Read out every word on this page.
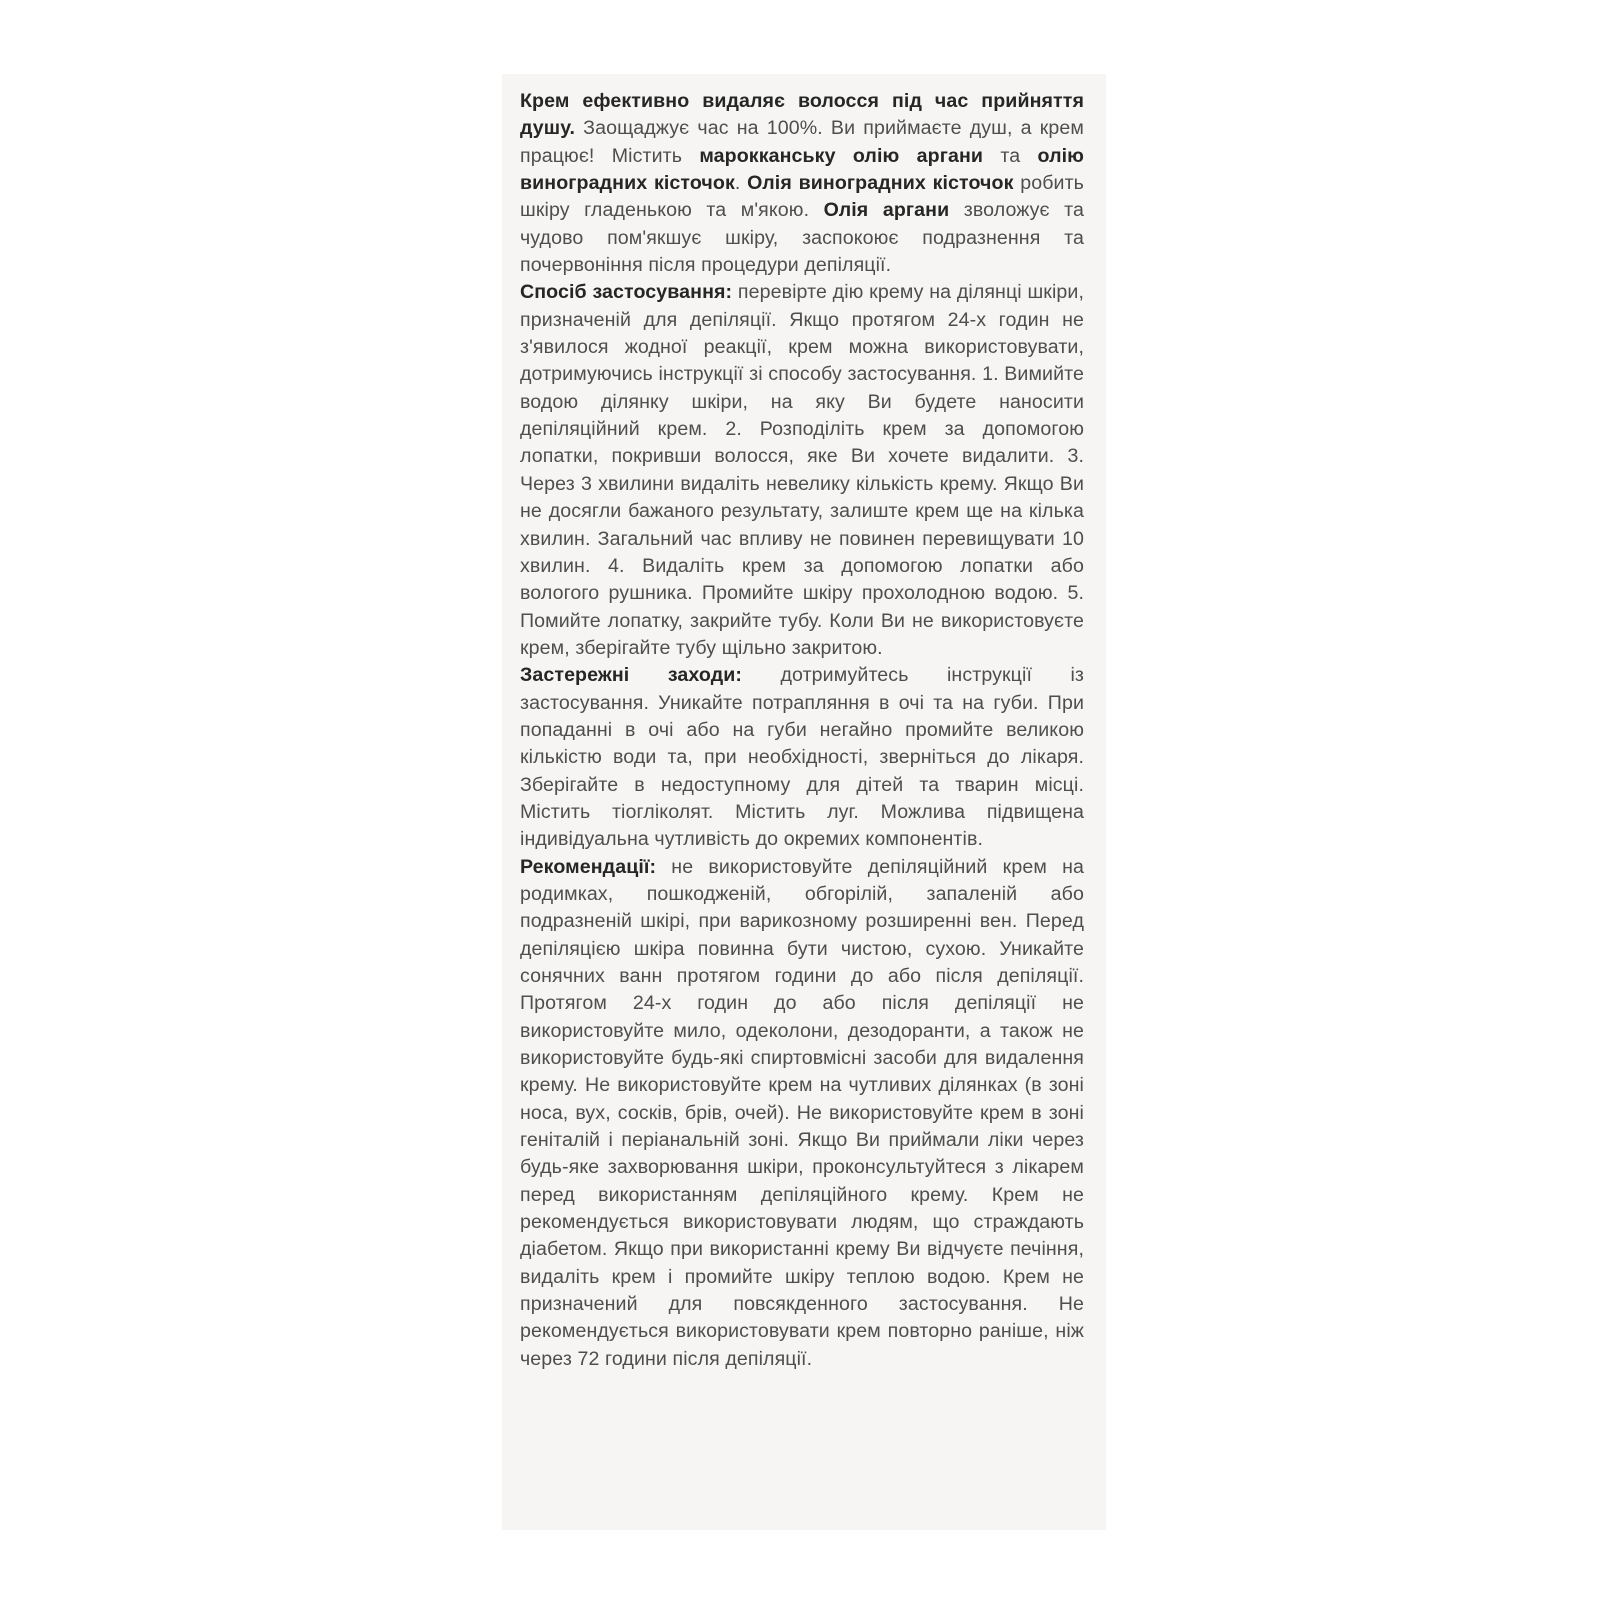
Крем ефективно видаляє волосся під час прийняття душу. Заощаджує час на 100%. Ви приймаєте душ, а крем працює! Містить марокканську олію аргани та олію виноградних кісточок. Олія виноградних кісточок робить шкіру гладенькою та м'якою. Олія аргани зволожує та чудово пом'якшує шкіру, заспокоює подразнення та почервоніння після процедури депіляції.

Спосіб застосування: перевірте дію крему на ділянці шкіри, призначеній для депіляції. Якщо протягом 24-х годин не з'явилося жодної реакції, крем можна використовувати, дотримуючись інструкції зі способу застосування. 1. Вимийте водою ділянку шкіри, на яку Ви будете наносити депіляційний крем. 2. Розподіліть крем за допомогою лопатки, покривши волосся, яке Ви хочете видалити. 3. Через 3 хвилини видаліть невелику кількість крему. Якщо Ви не досягли бажаного результату, залиште крем ще на кілька хвилин. Загальний час впливу не повинен перевищувати 10 хвилин. 4. Видаліть крем за допомогою лопатки або вологого рушника. Промийте шкіру прохолодною водою. 5. Помийте лопатку, закрийте тубу. Коли Ви не використовуєте крем, зберігайте тубу щільно закритою.

Застережні заходи: дотримуйтесь інструкції із застосування. Уникайте потрапляння в очі та на губи. При попаданні в очі або на губи негайно промийте великою кількістю води та, при необхідності, зверніться до лікаря. Зберігайте в недоступному для дітей та тварин місці. Містить тіогліколят. Містить луг. Можлива підвищена індивідуальна чутливість до окремих компонентів.

Рекомендації: не використовуйте депіляційний крем на родимках, пошкодженій, обгорілій, запаленій або подразненій шкірі, при варикозному розширенні вен. Перед депіляцією шкіра повинна бути чистою, сухою. Уникайте сонячних ванн протягом години до або після депіляції. Протягом 24-х годин до або після депіляції не використовуйте мило, одеколони, дезодоранти, а також не використовуйте будь-які спиртовмісні засоби для видалення крему. Не використовуйте крем на чутливих ділянках (в зоні носа, вух, сосків, брів, очей). Не використовуйте крем в зоні геніталій і періанальній зоні. Якщо Ви приймали ліки через будь-яке захворювання шкіри, проконсультуйтеся з лікарем перед використанням депіляційного крему. Крем не рекомендується використовувати людям, що страждають діабетом. Якщо при використанні крему Ви відчуєте печіння, видаліть крем і промийте шкіру теплою водою. Крем не призначений для повсякденного застосування. Не рекомендується використовувати крем повторно раніше, ніж через 72 години після депіляції.
